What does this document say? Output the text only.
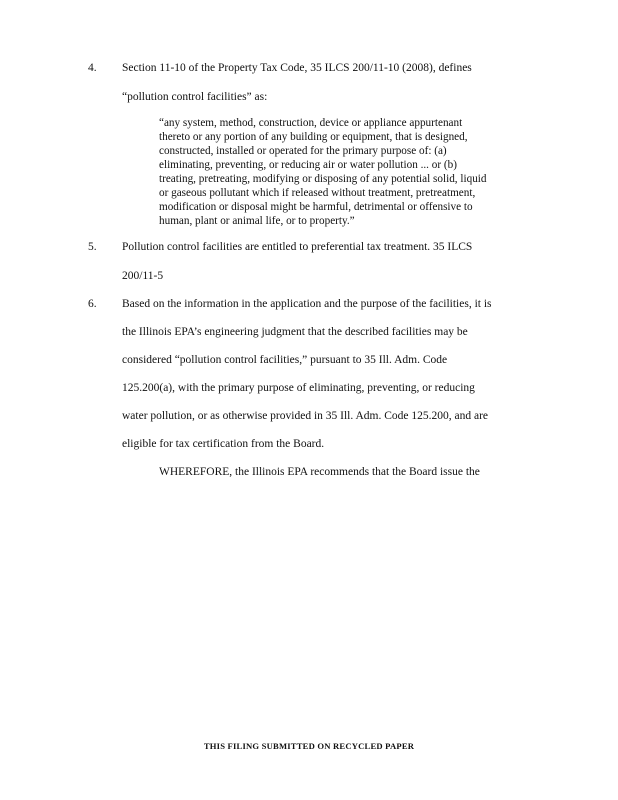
4. Section 11-10 of the Property Tax Code, 35 ILCS 200/11-10 (2008), defines
“pollution control facilities” as:
“any system, method, construction, device or appliance appurtenant
thereto or any portion of any building or equipment, that is designed,
constructed, installed or operated for the primary purpose of: (a)
eliminating, preventing, or reducing air or water pollution ... or (b)
treating, pretreating, modifying or disposing of any potential solid, liquid
or gaseous pollutant which if released without treatment, pretreatment,
modification or disposal might be harmful, detrimental or offensive to
human, plant or animal life, or to property.”
5. Pollution control facilities are entitled to preferential tax treatment. 35 ILCS
200/11-5
6. Based on the information in the application and the purpose of the facilities, it is
the Illinois EPA’s engineering judgment that the described facilities may be
considered “pollution control facilities,” pursuant to 35 Ill. Adm. Code
125.200(a), with the primary purpose of eliminating, preventing, or reducing
water pollution, or as otherwise provided in 35 Ill. Adm. Code 125.200, and are
eligible for tax certification from the Board.
WHEREFORE, the Illinois EPA recommends that the Board issue the
THIS FILING SUBMITTED ON RECYCLED PAPER
